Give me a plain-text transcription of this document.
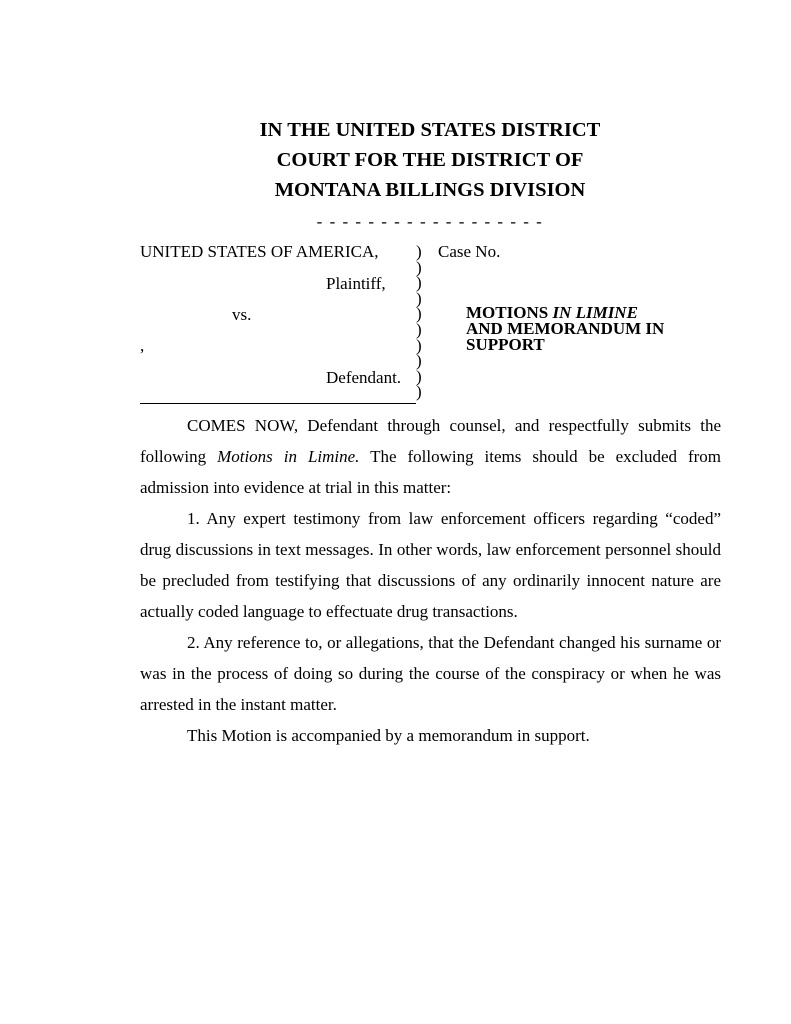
IN THE UNITED STATES DISTRICT
COURT FOR THE DISTRICT OF
MONTANA BILLINGS DIVISION
- - - - - - - - - - - - - - - - - -
UNITED STATES OF AMERICA,
Plaintiff,
vs.
,
Defendant.
Case No.
)
)
)
)
)
)
)
)
)
)
MOTIONS IN LIMINE
AND MEMORANDUM IN
SUPPORT

COMES NOW, Defendant through counsel, and respectfully submits the following Motions in Limine. The following items should be excluded from admission into evidence at trial in this matter:

1. Any expert testimony from law enforcement officers regarding “coded” drug discussions in text messages. In other words, law enforcement personnel should be precluded from testifying that discussions of any ordinarily innocent nature are actually coded language to effectuate drug transactions.

2. Any reference to, or allegations, that the Defendant changed his surname or was in the process of doing so during the course of the conspiracy or when he was arrested in the instant matter.

This Motion is accompanied by a memorandum in support.
